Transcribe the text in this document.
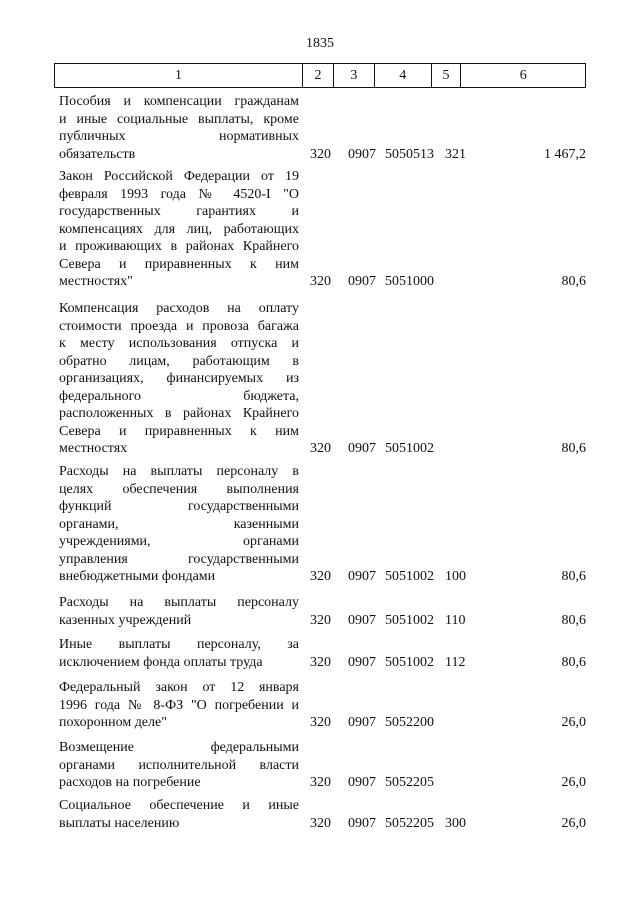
1835
1	2	3	4	5	6
Пособия и компенсации гражданам
и иные социальные выплаты, кроме
публичных нормативных
обязательств	320 0907 5050513 321	1 467,2
Закон Российской Федерации от 19
февраля 1993 года № 4520-I "О
государственных гарантиях и
компенсациях для лиц, работающих
и проживающих в районах Крайнего
Севера и приравненных к ним
местностях"	320 0907 5051000	80,6
Компенсация расходов на оплату
стоимости проезда и провоза багажа
к месту использования отпуска и
обратно лицам, работающим в
организациях, финансируемых из
федерального бюджета,
расположенных в районах Крайнего
Севера и приравненных к ним
местностях	320 0907 5051002	80,6
Расходы на выплаты персоналу в
целях обеспечения выполнения
функций государственными
органами, казенными
учреждениями, органами
управления государственными
внебюджетными фондами	320 0907 5051002 100	80,6
Расходы на выплаты персоналу
казенных учреждений	320 0907 5051002 110	80,6
Иные выплаты персоналу, за
исключением фонда оплаты труда	320 0907 5051002 112	80,6
Федеральный закон от 12 января
1996 года № 8-ФЗ "О погребении и
похоронном деле"	320 0907 5052200	26,0
Возмещение федеральными
органами исполнительной власти
расходов на погребение	320 0907 5052205	26,0
Социальное обеспечение и иные
выплаты населению	320 0907 5052205 300	26,0
